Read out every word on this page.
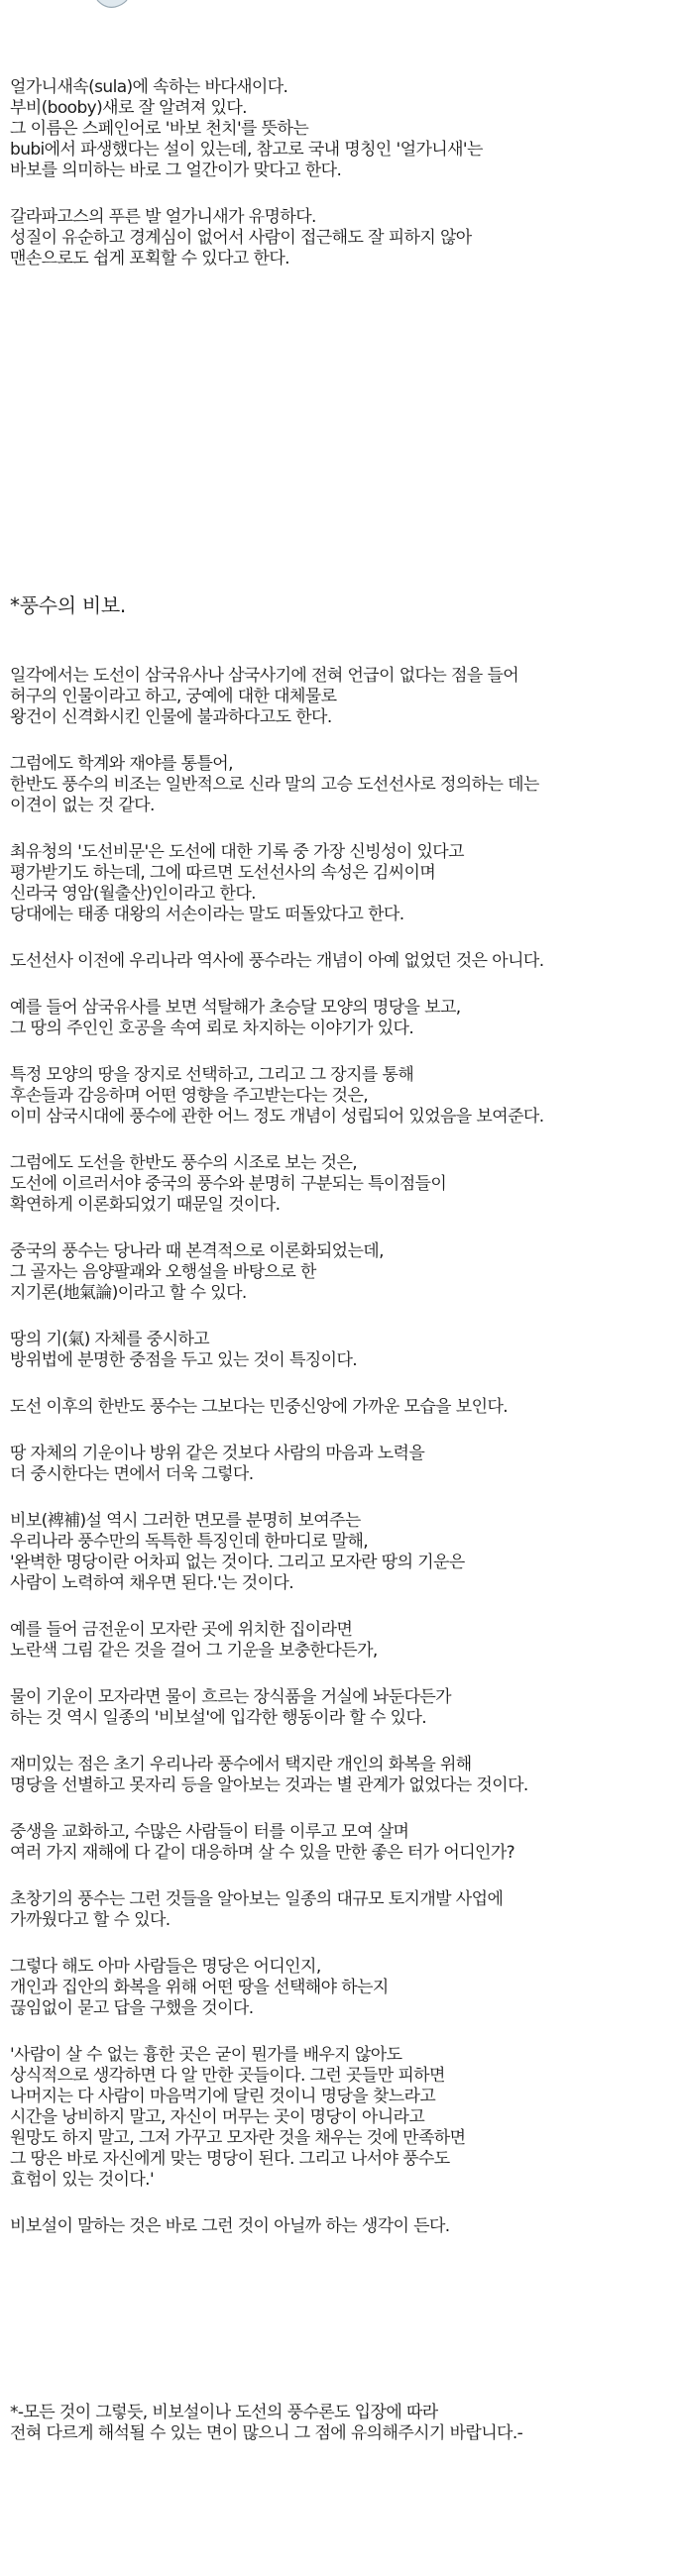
얼가니새속(sula)에 속하는 바다새이다.
부비(booby)새로 잘 알려져 있다.
그 이름은 스페인어로 '바보 천치'를 뜻하는
bubi에서 파생했다는 설이 있는데, 참고로 국내 명칭인 '얼가니새'는
바보를 의미하는 바로 그 얼간이가 맞다고 한다.
갈라파고스의 푸른 발 얼가니새가 유명하다.
성질이 유순하고 경계심이 없어서 사람이 접근해도 잘 피하지 않아
맨손으로도 쉽게 포획할 수 있다고 한다.
*풍수의 비보.
일각에서는 도선이 삼국유사나 삼국사기에 전혀 언급이 없다는 점을 들어
허구의 인물이라고 하고, 궁예에 대한 대체물로
왕건이 신격화시킨 인물에 불과하다고도 한다.
그럼에도 학계와 재야를 통틀어,
한반도 풍수의 비조는 일반적으로 신라 말의 고승 도선선사로 정의하는 데는
이견이 없는 것 같다.
최유청의 '도선비문'은 도선에 대한 기록 중 가장 신빙성이 있다고
평가받기도 하는데, 그에 따르면 도선선사의 속성은 김씨이며
신라국 영암(월출산)인이라고 한다.
당대에는 태종 대왕의 서손이라는 말도 떠돌았다고 한다.
도선선사 이전에 우리나라 역사에 풍수라는 개념이 아예 없었던 것은 아니다.
예를 들어 삼국유사를 보면 석탈해가 초승달 모양의 명당을 보고,
그 땅의 주인인 호공을 속여 뢰로 차지하는 이야기가 있다.
특정 모양의 땅을 장지로 선택하고, 그리고 그 장지를 통해
후손들과 감응하며 어떤 영향을 주고받는다는 것은,
이미 삼국시대에 풍수에 관한 어느 정도 개념이 성립되어 있었음을 보여준다.
그럼에도 도선을 한반도 풍수의 시조로 보는 것은,
도선에 이르러서야 중국의 풍수와 분명히 구분되는 특이점들이
확연하게 이론화되었기 때문일 것이다.
중국의 풍수는 당나라 때 본격적으로 이론화되었는데,
그 골자는 음양팔괘와 오행설을 바탕으로 한
지기론(地氣論)이라고 할 수 있다.
땅의 기(氣) 자체를 중시하고
방위법에 분명한 중점을 두고 있는 것이 특징이다.
도선 이후의 한반도 풍수는 그보다는 민중신앙에 가까운 모습을 보인다.
땅 자체의 기운이나 방위 같은 것보다 사람의 마음과 노력을
더 중시한다는 면에서 더욱 그렇다.
비보(裨補)설 역시 그러한 면모를 분명히 보여주는
우리나라 풍수만의 독특한 특징인데 한마디로 말해,
'완벽한 명당이란 어차피 없는 것이다. 그리고 모자란 땅의 기운은
사람이 노력하여 채우면 된다.'는 것이다.
예를 들어 금전운이 모자란 곳에 위치한 집이라면
노란색 그림 같은 것을 걸어 그 기운을 보충한다든가,
물이 기운이 모자라면 물이 흐르는 장식품을 거실에 놔둔다든가
하는 것 역시 일종의 '비보설'에 입각한 행동이라 할 수 있다.
재미있는 점은 초기 우리나라 풍수에서 택지란 개인의 화복을 위해
명당을 선별하고 못자리 등을 알아보는 것과는 별 관계가 없었다는 것이다.
중생을 교화하고, 수많은 사람들이 터를 이루고 모여 살며
여러 가지 재해에 다 같이 대응하며 살 수 있을 만한 좋은 터가 어디인가?
초창기의 풍수는 그런 것들을 알아보는 일종의 대규모 토지개발 사업에
가까웠다고 할 수 있다.
그렇다 해도 아마 사람들은 명당은 어디인지,
개인과 집안의 화복을 위해 어떤 땅을 선택해야 하는지
끊임없이 묻고 답을 구했을 것이다.
'사람이 살 수 없는 흉한 곳은 굳이 뭔가를 배우지 않아도
상식적으로 생각하면 다 알 만한 곳들이다. 그런 곳들만 피하면
나머지는 다 사람이 마음먹기에 달린 것이니 명당을 찾느라고
시간을 낭비하지 말고, 자신이 머무는 곳이 명당이 아니라고
원망도 하지 말고, 그저 가꾸고 모자란 것을 채우는 것에 만족하면
그 땅은 바로 자신에게 맞는 명당이 된다. 그리고 나서야 풍수도
효험이 있는 것이다.'
비보설이 말하는 것은 바로 그런 것이 아닐까 하는 생각이 든다.
*-모든 것이 그렇듯, 비보설이나 도선의 풍수론도 입장에 따라
전혀 다르게 해석될 수 있는 면이 많으니 그 점에 유의해주시기 바랍니다.-
